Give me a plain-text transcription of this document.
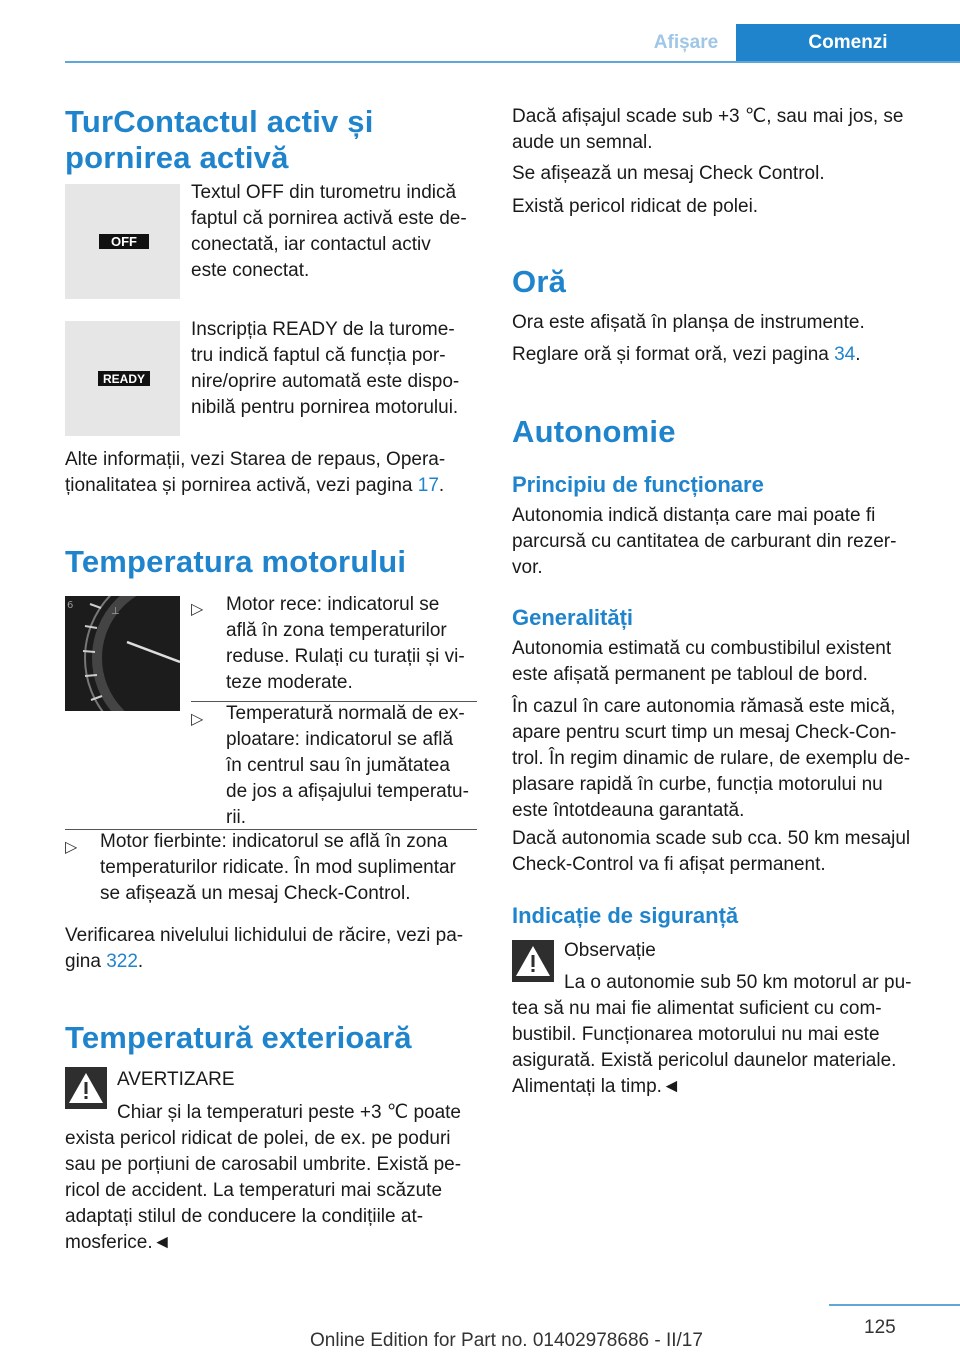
Afișare	Comenzi
TurContactul activ și
pornirea activă
OFF
Textul OFF din turometru indică
faptul că pornirea activă este de-
conectată, iar contactul activ
este conectat.
READY
Inscripția READY de la turome-
tru indică faptul că funcția por-
nire/oprire automată este dispo-
nibilă pentru pornirea motorului.
Alte informații, vezi Starea de repaus, Opera-
ționalitatea și pornirea activă, vezi pagina 17.
Temperatura motorului
⊥
6	▷ Motor rece: indicatorul se
află în zona temperaturilor
reduse. Rulați cu turații și vi-
teze moderate.
▷ Temperatură normală de ex-
ploatare: indicatorul se află
în centrul sau în jumătatea
de jos a afișajului temperatu-
rii.
▷ Motor fierbinte: indicatorul se află în zona
temperaturilor ridicate. În mod suplimentar
se afișează un mesaj Check-Control.
Verificarea nivelului lichidului de răcire, vezi pa-
gina 322.
Temperatură exterioară
AVERTIZARE
Chiar și la temperaturi peste +3 ℃ poate
exista pericol ridicat de polei, de ex. pe poduri
sau pe porțiuni de carosabil umbrite. Există pe-
ricol de accident. La temperaturi mai scăzute
adaptați stilul de conducere la condițiile at-
mosferice.◄
Dacă afișajul scade sub +3 ℃, sau mai jos, se
aude un semnal.
Se afișează un mesaj Check Control.
Există pericol ridicat de polei.
Oră
Ora este afișată în planșa de instrumente.
Reglare oră și format oră, vezi pagina 34.
Autonomie
Principiu de funcționare
Autonomia indică distanța care mai poate fi
parcursă cu cantitatea de carburant din rezer-
vor.
Generalități
Autonomia estimată cu combustibilul existent
este afișată permanent pe tabloul de bord.
În cazul în care autonomia rămasă este mică,
apare pentru scurt timp un mesaj Check-Con-
trol. În regim dinamic de rulare, de exemplu de-
plasare rapidă în curbe, funcția motorului nu
este întotdeauna garantată.
Dacă autonomia scade sub cca. 50 km mesajul
Check-Control va fi afișat permanent.
Indicație de siguranță
Observație
La o autonomie sub 50 km motorul ar pu-
tea să nu mai fie alimentat suficient cu com-
bustibil. Funcționarea motorului nu mai este
asigurată. Există pericolul daunelor materiale.
Alimentați la timp.◄
125
Online Edition for Part no. 01402978686 - II/17
